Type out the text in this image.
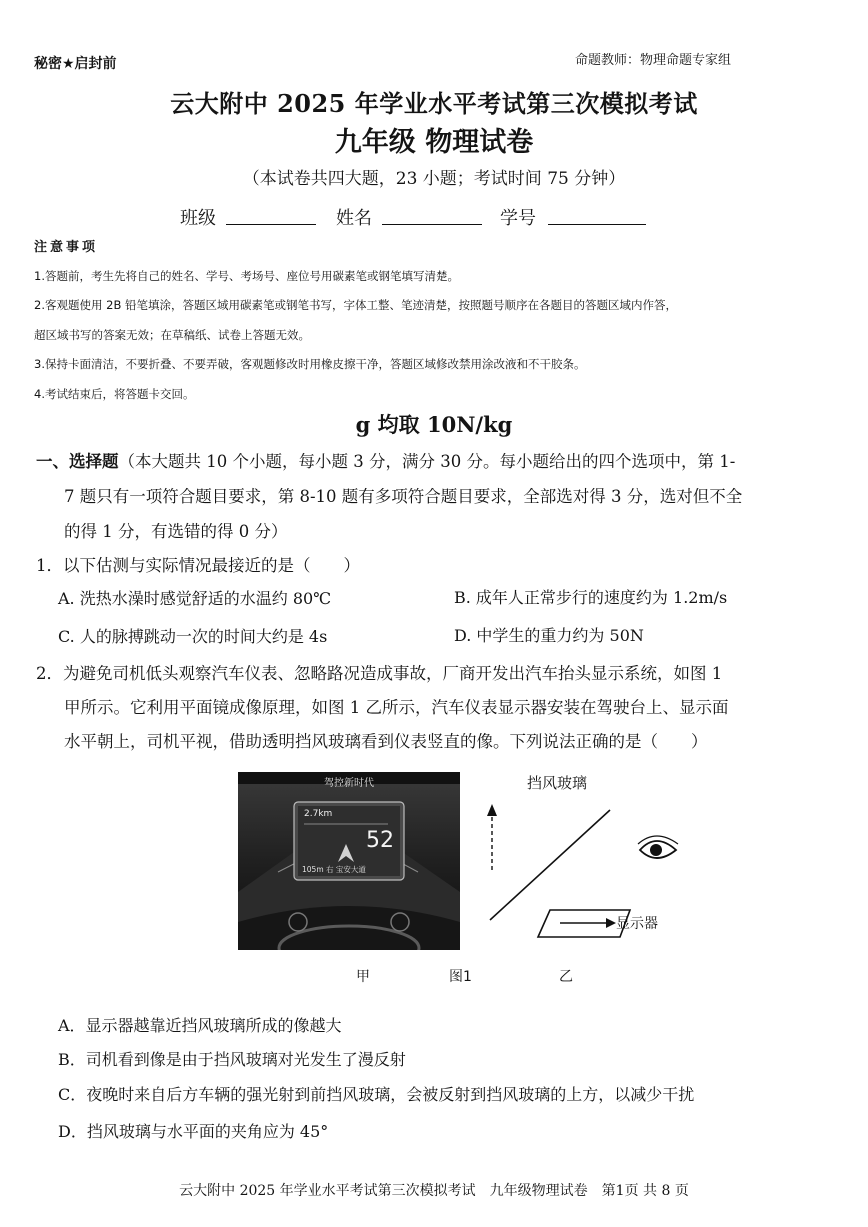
秘密★启封前	命题教师：物理命题专家组
云大附中 2025 年学业水平考试第三次模拟考试
九年级 物理试卷
（本试卷共四大题，23 小题；考试时间 75 分钟）
班级	姓名	学号
注意事项
1.答题前，考生先将自己的姓名、学号、考场号、座位号用碳素笔或钢笔填写清楚。
2.客观题使用 2B 铅笔填涂，答题区域用碳素笔或钢笔书写，字体工整、笔迹清楚，按照题号顺序在各题目的答题区域内作答，
超区域书写的答案无效；在草稿纸、试卷上答题无效。
3.保持卡面清洁，不要折叠、不要弄破，客观题修改时用橡皮擦干净，答题区域修改禁用涂改液和不干胶条。
4.考试结束后，将答题卡交回。
g 均取 10N/kg
一、选择题（本大题共 10 个小题，每小题 3 分，满分 30 分。每小题给出的四个选项中，第 1-
7 题只有一项符合题目要求，第 8-10 题有多项符合题目要求，全部选对得 3 分，选对但不全
的得 1 分，有选错的得 0 分）
1．以下估测与实际情况最接近的是（　　）
A. 洗热水澡时感觉舒适的水温约 80℃	B. 成年人正常步行的速度约为 1.2m/s
C. 人的脉搏跳动一次的时间大约是 4s	D. 中学生的重力约为 50N
2．为避免司机低头观察汽车仪表、忽略路况造成事故，厂商开发出汽车抬头显示系统，如图 1
甲所示。它利用平面镜成像原理，如图 1 乙所示，汽车仪表显示器安装在驾驶台上、显示面
水平朝上，司机平视，借助透明挡风玻璃看到仪表竖直的像。下列说法正确的是（　　）
驾控新时代
2.7km
52
105m 右 宝安大道
挡风玻璃
显示器
甲	图1	乙
A．显示器越靠近挡风玻璃所成的像越大
B．司机看到像是由于挡风玻璃对光发生了漫反射
C．夜晚时来自后方车辆的强光射到前挡风玻璃，会被反射到挡风玻璃的上方，以减少干扰
D．挡风玻璃与水平面的夹角应为 45°
云大附中 2025 年学业水平考试第三次模拟考试　九年级物理试卷　第1页 共 8 页
